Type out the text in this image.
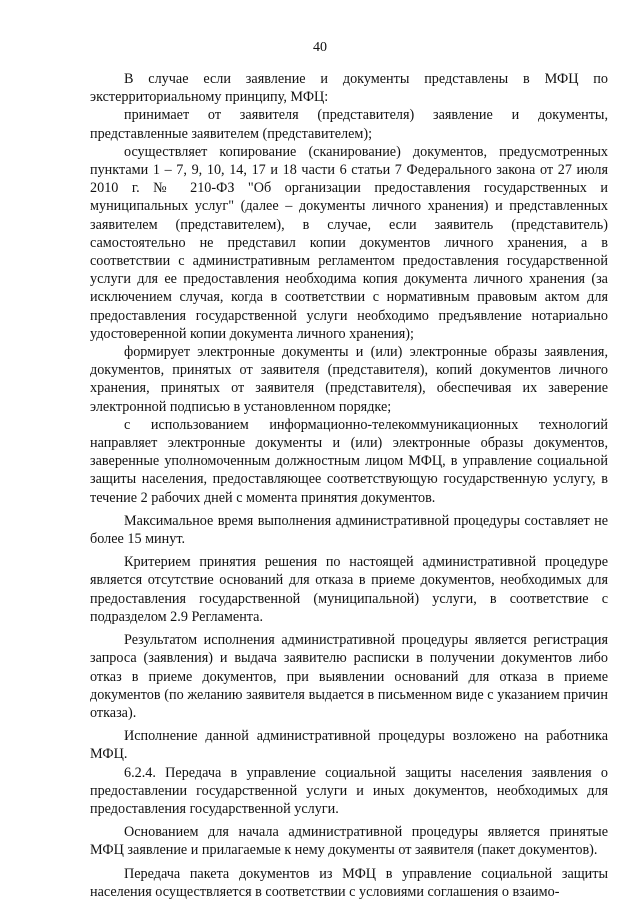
40

В случае если заявление и документы представлены в МФЦ по экстерриториальному принципу, МФЦ:

принимает от заявителя (представителя) заявление и документы, представленные заявителем (представителем);

осуществляет копирование (сканирование) документов, предусмотренных пунктами 1 – 7, 9, 10, 14, 17 и 18 части 6 статьи 7 Федерального закона от 27 июля 2010 г. № 210-ФЗ "Об организации предоставления государственных и муниципальных услуг" (далее – документы личного хранения) и представленных заявителем (представителем), в случае, если заявитель (представитель) самостоятельно не представил копии документов личного хранения, а в соответствии с административным регламентом предоставления государственной услуги для ее предоставления необходима копия документа личного хранения (за исключением случая, когда в соответствии с нормативным правовым актом для предоставления государственной услуги необходимо предъявление нотариально удостоверенной копии документа личного хранения);

формирует электронные документы и (или) электронные образы заявления, документов, принятых от заявителя (представителя), копий документов личного хранения, принятых от заявителя (представителя), обеспечивая их заверение электронной подписью в установленном порядке;

с использованием информационно-телекоммуникационных технологий направляет электронные документы и (или) электронные образы документов, заверенные уполномоченным должностным лицом МФЦ, в управление социальной защиты населения, предоставляющее соответствующую государственную услугу, в течение 2 рабочих дней с момента принятия документов.

Максимальное время выполнения административной процедуры составляет не более 15 минут.

Критерием принятия решения по настоящей административной процедуре является отсутствие оснований для отказа в приеме документов, необходимых для предоставления государственной (муниципальной) услуги, в соответствие с подразделом 2.9 Регламента.

Результатом исполнения административной процедуры является регистрация запроса (заявления) и выдача заявителю расписки в получении документов либо отказ в приеме документов, при выявлении оснований для отказа в приеме документов (по желанию заявителя выдается в письменном виде с указанием причин отказа).

Исполнение данной административной процедуры возложено на работника МФЦ.

6.2.4. Передача в управление социальной защиты населения заявления о предоставлении государственной услуги и иных документов, необходимых для предоставления государственной услуги.

Основанием для начала административной процедуры является принятые МФЦ заявление и прилагаемые к нему документы от заявителя (пакет документов).

Передача пакета документов из МФЦ в управление социальной защиты населения осуществляется в соответствии с условиями соглашения о взаимо-
